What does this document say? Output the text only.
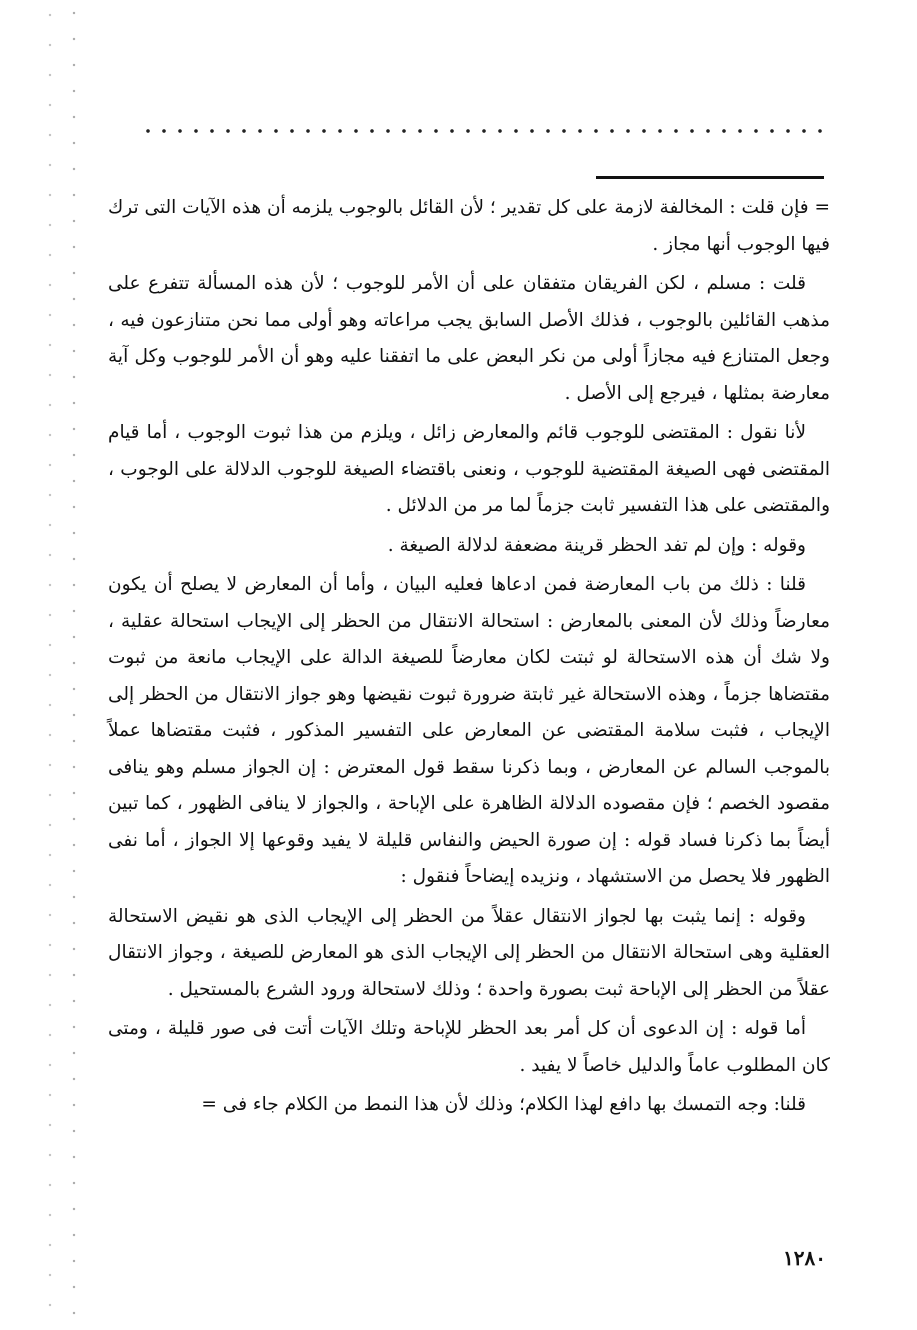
= فإن قلت : المخالفة لازمة على كل تقدير ؛ لأن القائل بالوجوب يلزمه أن هذه الآيات التى ترك فيها الوجوب أنها مجاز .

قلت : مسلم ، لكن الفريقان متفقان على أن الأمر للوجوب ؛ لأن هذه المسألة تتفرع على مذهب القائلين بالوجوب ، فذلك الأصل السابق يجب مراعاته وهو أولى مما نحن متنازعون فيه ، وجعل المتنازع فيه مجازاً أولى من نكر البعض على ما اتفقنا عليه وهو أن الأمر للوجوب وكل آية معارضة بمثلها ، فيرجع إلى الأصل .

لأنا نقول : المقتضى للوجوب قائم والمعارض زائل ، ويلزم من هذا ثبوت الوجوب ، أما قيام المقتضى فهى الصيغة المقتضية للوجوب ، ونعنى باقتضاء الصيغة للوجوب الدلالة على الوجوب ، والمقتضى على هذا التفسير ثابت جزماً لما مر من الدلائل .

وقوله : وإن لم تفد الحظر قرينة مضعفة لدلالة الصيغة .

قلنا : ذلك من باب المعارضة فمن ادعاها فعليه البيان ، وأما أن المعارض لا يصلح أن يكون معارضاً وذلك لأن المعنى بالمعارض : استحالة الانتقال من الحظر إلى الإيجاب استحالة عقلية ، ولا شك أن هذه الاستحالة لو ثبتت لكان معارضاً للصيغة الدالة على الإيجاب مانعة من ثبوت مقتضاها جزماً ، وهذه الاستحالة غير ثابتة ضرورة ثبوت نقيضها وهو جواز الانتقال من الحظر إلى الإيجاب ، فثبت سلامة المقتضى عن المعارض على التفسير المذكور ، فثبت مقتضاها عملاً بالموجب السالم عن المعارض ، وبما ذكرنا سقط قول المعترض : إن الجواز مسلم وهو ينافى مقصود الخصم ؛ فإن مقصوده الدلالة الظاهرة على الإباحة ، والجواز لا ينافى الظهور ، كما تبين أيضاً بما ذكرنا فساد قوله : إن صورة الحيض والنفاس قليلة لا يفيد وقوعها إلا الجواز ، أما نفى الظهور فلا يحصل من الاستشهاد ، ونزيده إيضاحاً فنقول :

وقوله : إنما يثبت بها لجواز الانتقال عقلاً من الحظر إلى الإيجاب الذى هو نقيض الاستحالة العقلية وهى استحالة الانتقال من الحظر إلى الإيجاب الذى هو المعارض للصيغة ، وجواز الانتقال عقلاً من الحظر إلى الإباحة ثبت بصورة واحدة ؛ وذلك لاستحالة ورود الشرع بالمستحيل .

أما قوله : إن الدعوى أن كل أمر بعد الحظر للإباحة وتلك الآيات أتت فى صور قليلة ، ومتى كان المطلوب عاماً والدليل خاصاً لا يفيد .

قلنا: وجه التمسك بها دافع لهذا الكلام؛ وذلك لأن هذا النمط من الكلام جاء فى =

١٢٨٠
